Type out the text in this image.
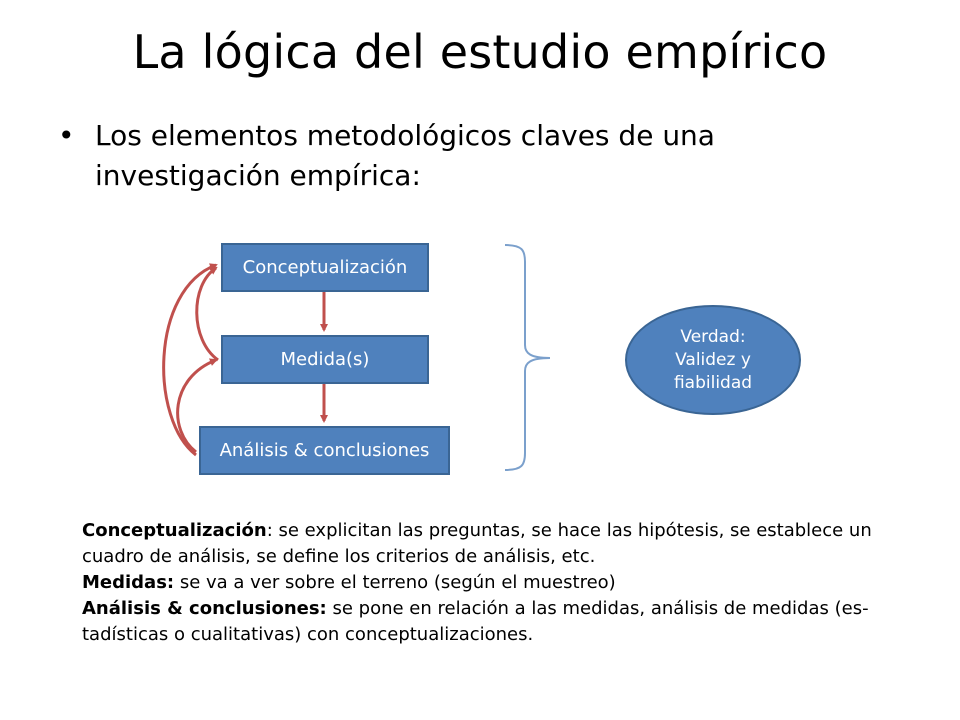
La lógica del estudio empírico
• Los elementos metodológicos claves de una investigación empírica:
Conceptualización
Medida(s)
Análisis & conclusiones
Verdad:
Validez y
fiabilidad

Conceptualización: se explicitan las preguntas, se hace las hipótesis, se establece un cuadro de análisis, se define los criterios de análisis, etc.

Medidas: se va a ver sobre el terreno (según el muestreo)

Análisis & conclusiones: se pone en relación a las medidas, análisis de medidas (es-tadísticas o cualitativas) con conceptualizaciones.
